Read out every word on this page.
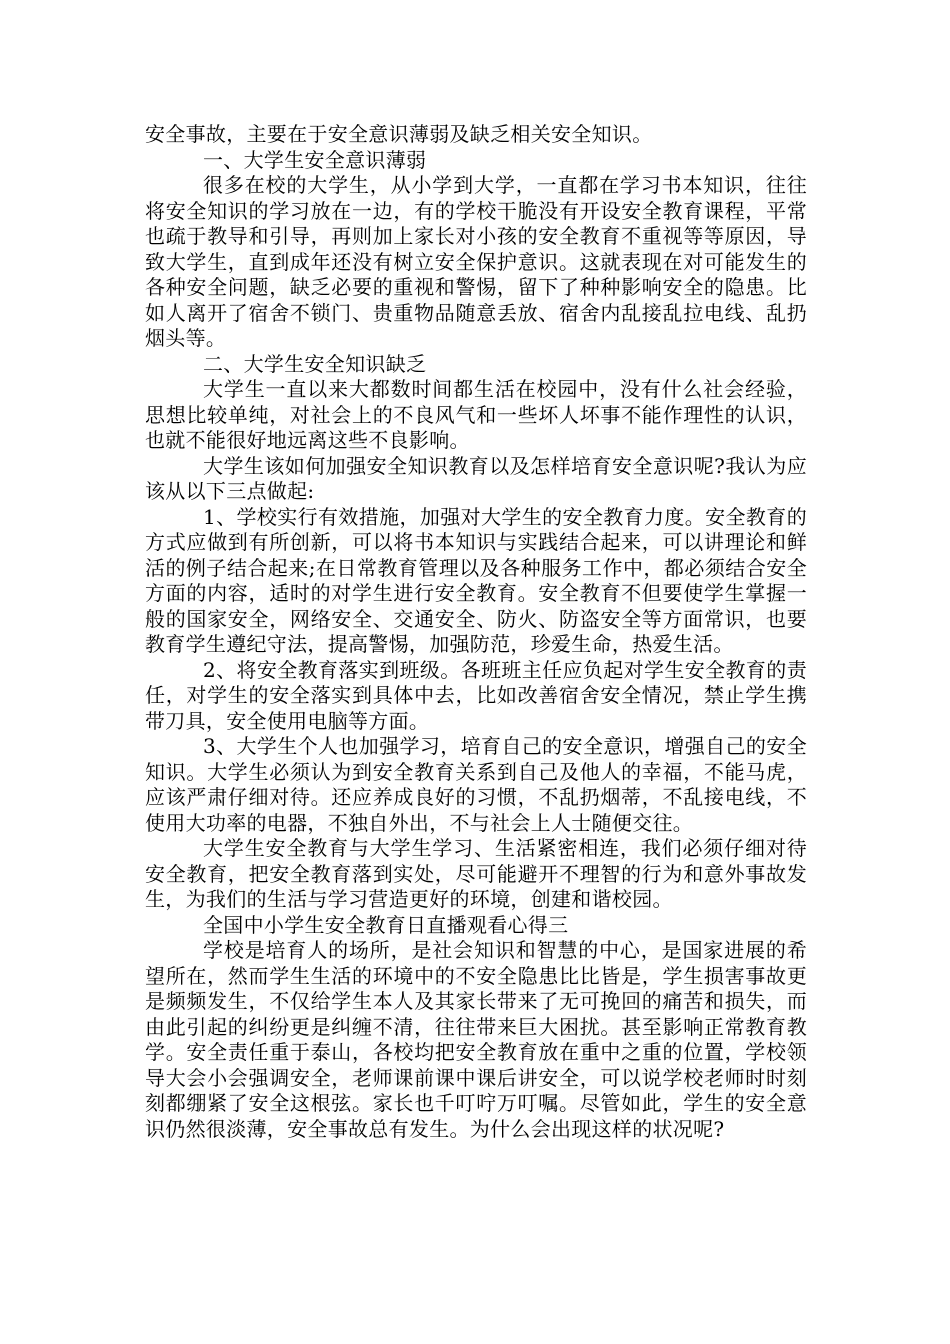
安全事故，主要在于安全意识薄弱及缺乏相关安全知识。

一、大学生安全意识薄弱

很多在校的大学生，从小学到大学，一直都在学习书本知识，往往将安全知识的学习放在一边，有的学校干脆没有开设安全教育课程，平常也疏于教导和引导，再则加上家长对小孩的安全教育不重视等等原因，导致大学生，直到成年还没有树立安全保护意识。这就表现在对可能发生的各种安全问题，缺乏必要的重视和警惕，留下了种种影响安全的隐患。比如人离开了宿舍不锁门、贵重物品随意丢放、宿舍内乱接乱拉电线、乱扔烟头等。

二、大学生安全知识缺乏

大学生一直以来大都数时间都生活在校园中，没有什么社会经验，思想比较单纯，对社会上的不良风气和一些坏人坏事不能作理性的认识，也就不能很好地远离这些不良影响。

大学生该如何加强安全知识教育以及怎样培育安全意识呢?我认为应该从以下三点做起:

1、学校实行有效措施，加强对大学生的安全教育力度。安全教育的方式应做到有所创新，可以将书本知识与实践结合起来，可以讲理论和鲜活的例子结合起来;在日常教育管理以及各种服务工作中，都必须结合安全方面的内容，适时的对学生进行安全教育。安全教育不但要使学生掌握一般的国家安全，网络安全、交通安全、防火、防盗安全等方面常识，也要教育学生遵纪守法，提高警惕，加强防范，珍爱生命，热爱生活。

2、将安全教育落实到班级。各班班主任应负起对学生安全教育的责任，对学生的安全落实到具体中去，比如改善宿舍安全情况，禁止学生携带刀具，安全使用电脑等方面。

3、大学生个人也加强学习，培育自己的安全意识，增强自己的安全知识。大学生必须认为到安全教育关系到自己及他人的幸福，不能马虎，应该严肃仔细对待。还应养成良好的习惯，不乱扔烟蒂，不乱接电线，不使用大功率的电器，不独自外出，不与社会上人士随便交往。

大学生安全教育与大学生学习、生活紧密相连，我们必须仔细对待安全教育，把安全教育落到实处，尽可能避开不理智的行为和意外事故发生，为我们的生活与学习营造更好的环境，创建和谐校园。

全国中小学生安全教育日直播观看心得三

学校是培育人的场所，是社会知识和智慧的中心，是国家进展的希望所在，然而学生生活的环境中的不安全隐患比比皆是，学生损害事故更是频频发生，不仅给学生本人及其家长带来了无可挽回的痛苦和损失，而由此引起的纠纷更是纠缠不清，往往带来巨大困扰。甚至影响正常教育教学。安全责任重于泰山，各校均把安全教育放在重中之重的位置，学校领导大会小会强调安全，老师课前课中课后讲安全，可以说学校老师时时刻刻都绷紧了安全这根弦。家长也千叮咛万叮嘱。尽管如此，学生的安全意识仍然很淡薄，安全事故总有发生。为什么会出现这样的状况呢?
